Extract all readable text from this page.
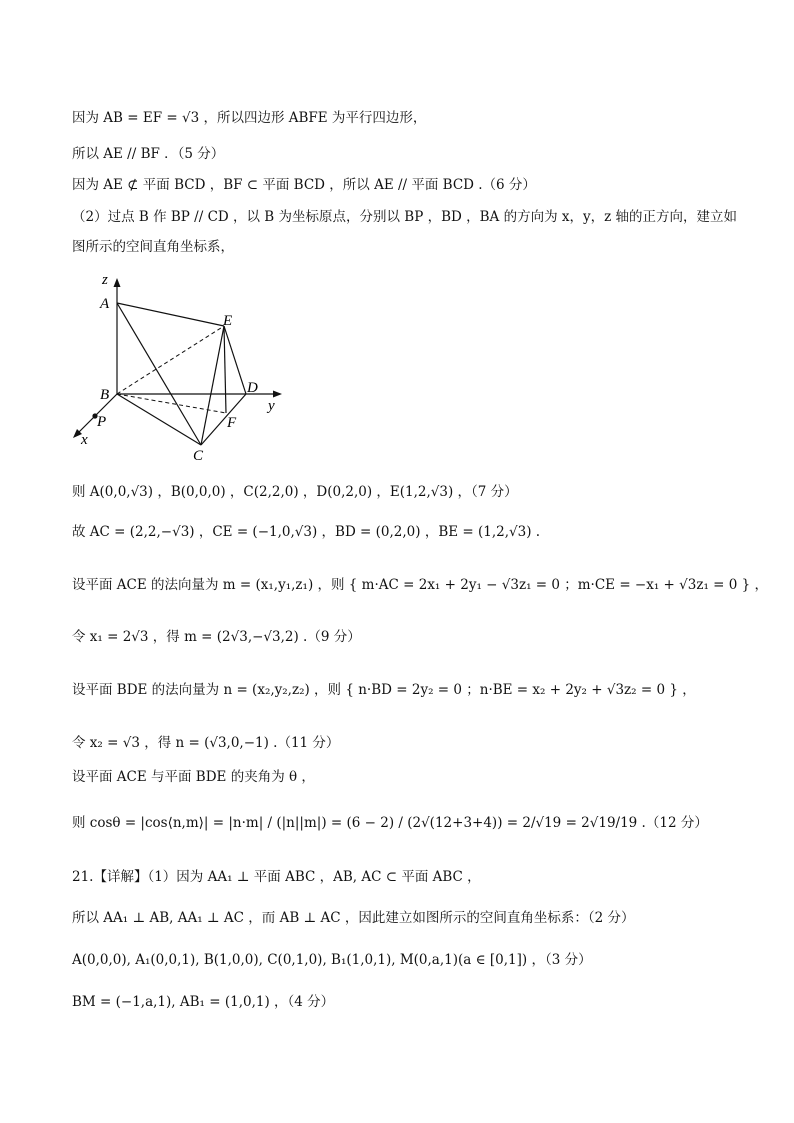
因为 AB = EF = √3 ，所以四边形 ABFE 为平行四边形，
所以 AE // BF ．（5 分）
因为 AE ⊄ 平面 BCD ，BF ⊂ 平面 BCD ，所以 AE // 平面 BCD .（6 分）
（2）过点 B 作 BP // CD ，以 B 为坐标原点，分别以 BP ，BD ，BA 的方向为 x，y，z 轴的正方向，建立如
图所示的空间直角坐标系，
z
A
E
B	D
y
P	F
x
C
则 A(0,0,√3) ，B(0,0,0) ，C(2,2,0) ，D(0,2,0) ，E(1,2,√3) ，（7 分）
故 AC = (2,2,−√3) ，CE = (−1,0,√3) ，BD = (0,2,0) ，BE = (1,2,√3) .
设平面 ACE 的法向量为 m = (x₁,y₁,z₁) ，则 { m·AC = 2x₁ + 2y₁ − √3z₁ = 0 ；m·CE = −x₁ + √3z₁ = 0 } ，
令 x₁ = 2√3 ，得 m = (2√3,−√3,2) .（9 分）
设平面 BDE 的法向量为 n = (x₂,y₂,z₂) ，则 { n·BD = 2y₂ = 0 ；n·BE = x₂ + 2y₂ + √3z₂ = 0 } ，
令 x₂ = √3 ，得 n = (√3,0,−1) .（11 分）
设平面 ACE 与平面 BDE 的夹角为 θ ，
则 cosθ = |cos⟨n,m⟩| = |n·m| / (|n||m|) = (6 − 2) / (2√(12+3+4)) = 2/√19 = 2√19/19 .（12 分）
21.【详解】（1）因为 AA₁ ⊥ 平面 ABC ，AB, AC ⊂ 平面 ABC ，
所以 AA₁ ⊥ AB, AA₁ ⊥ AC ，而 AB ⊥ AC ，因此建立如图所示的空间直角坐标系：（2 分）
A(0,0,0), A₁(0,0,1), B(1,0,0), C(0,1,0), B₁(1,0,1), M(0,a,1)(a ∈ [0,1]) ，（3 分）
BM = (−1,a,1), AB₁ = (1,0,1) ，（4 分）
